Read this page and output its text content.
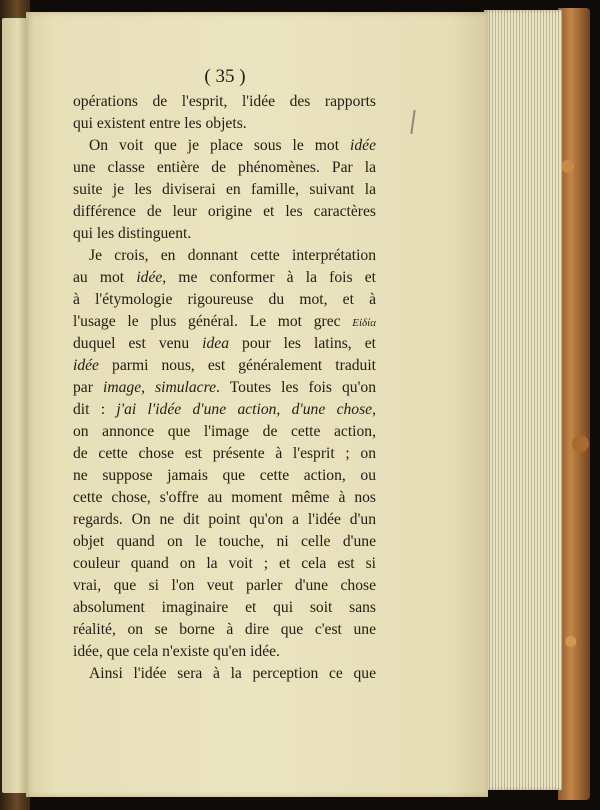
( 35 )
opérations de l'esprit, l'idée des rapports
qui existent entre les objets.
On voit que je place sous le mot idée
une classe entière de phénomènes. Par la
suite je les diviserai en famille, suivant la
différence de leur origine et les caractères
qui les distinguent.
Je crois, en donnant cette interprétation
au mot idée, me conformer à la fois et
à l'étymologie rigoureuse du mot, et à
l'usage le plus général. Le mot grec Εἰδία
duquel est venu idea pour les latins, et
idée parmi nous, est généralement traduit
par image, simulacre. Toutes les fois qu'on
dit : j'ai l'idée d'une action, d'une chose,
on annonce que l'image de cette action,
de cette chose est présente à l'esprit ; on
ne suppose jamais que cette action, ou
cette chose, s'offre au moment même à nos
regards. On ne dit point qu'on a l'idée d'un
objet quand on le touche, ni celle d'une
couleur quand on la voit ; et cela est si
vrai, que si l'on veut parler d'une chose
absolument imaginaire et qui soit sans
réalité, on se borne à dire que c'est une
idée, que cela n'existe qu'en idée.
Ainsi l'idée sera à la perception ce que
